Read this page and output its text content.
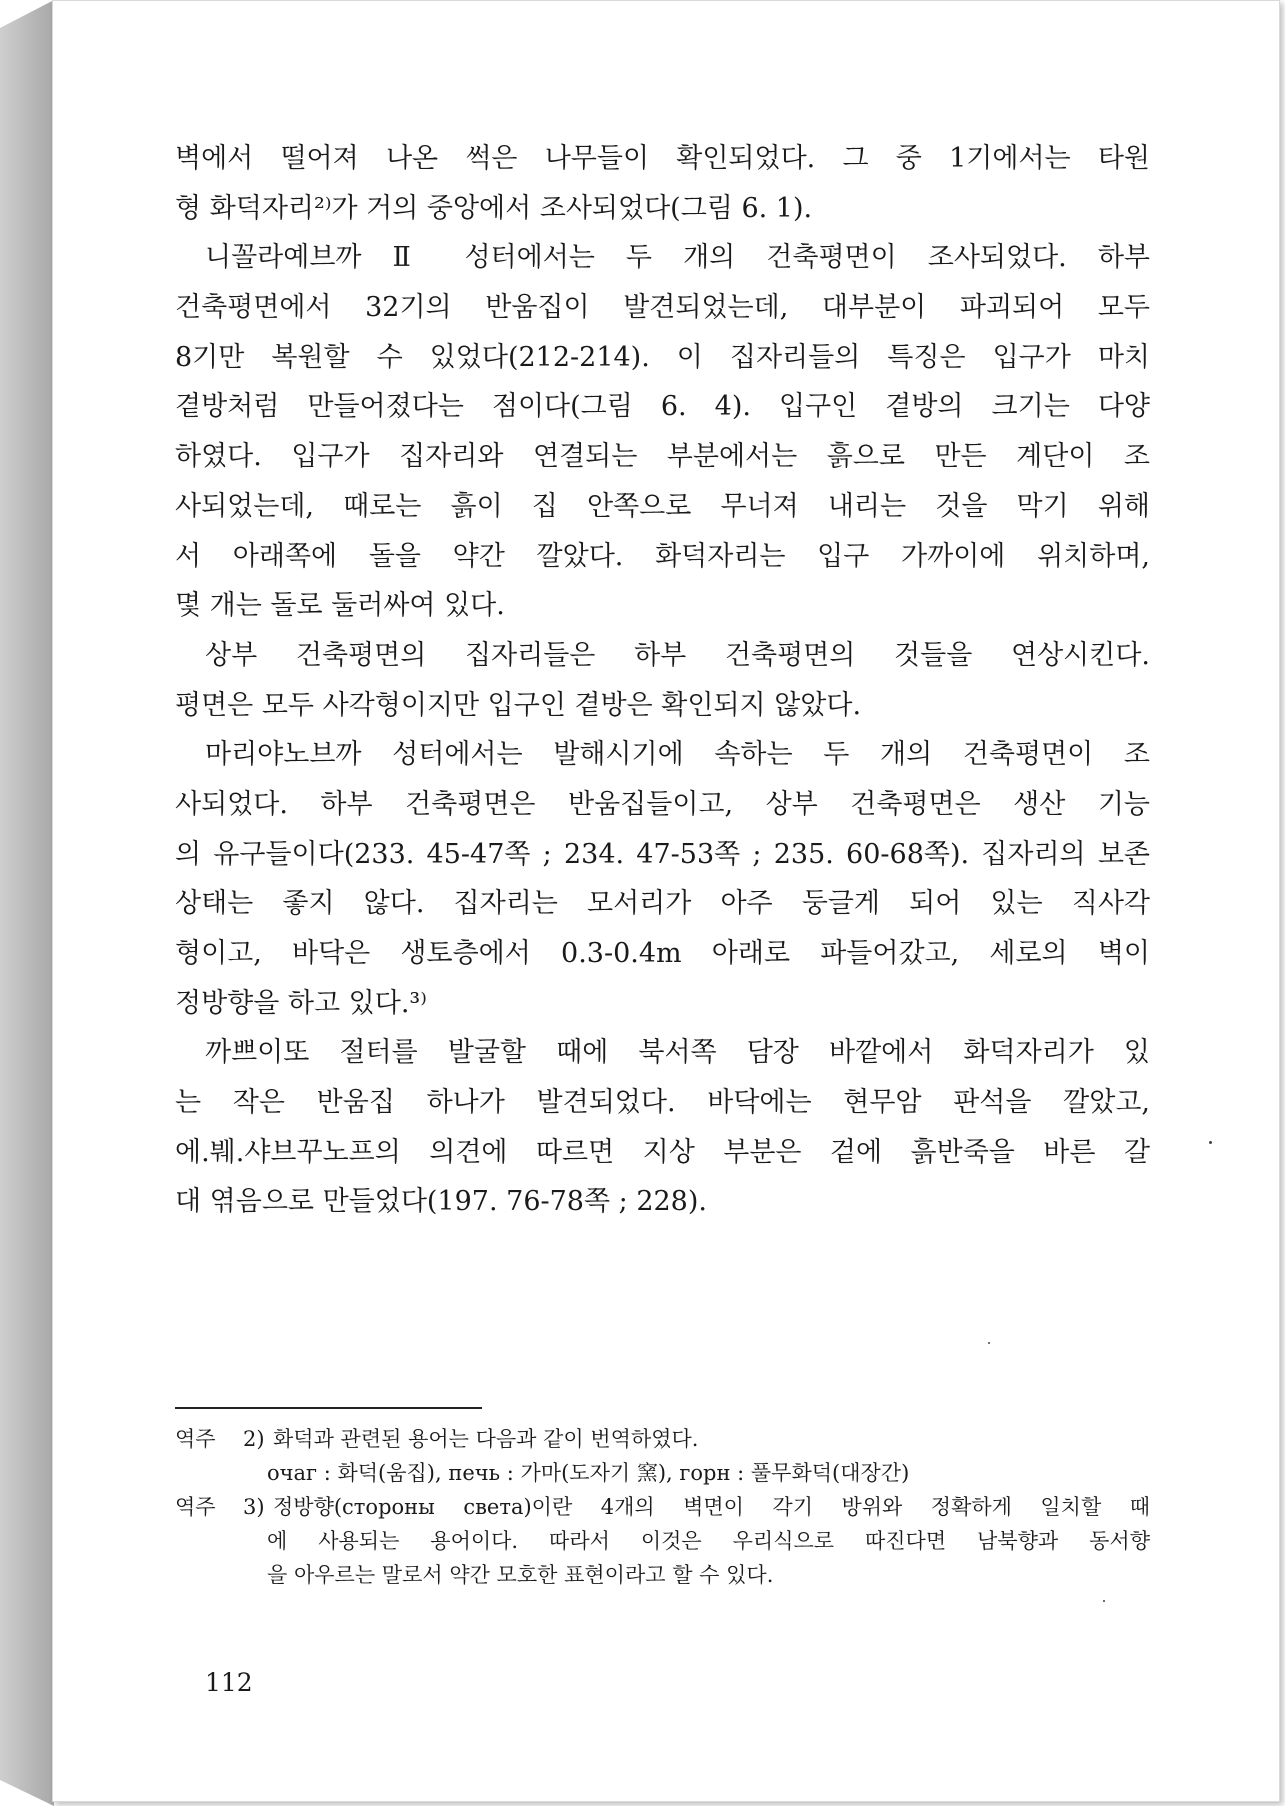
벽에서 떨어져 나온 썩은 나무들이 확인되었다. 그 중 1기에서는 타원
형 화덕자리²⁾가 거의 중앙에서 조사되었다(그림 6. 1).
니꼴라예브까 Ⅱ 성터에서는 두 개의 건축평면이 조사되었다. 하부
건축평면에서 32기의 반움집이 발견되었는데, 대부분이 파괴되어 모두
8기만 복원할 수 있었다(212-214). 이 집자리들의 특징은 입구가 마치
곁방처럼 만들어졌다는 점이다(그림 6. 4). 입구인 곁방의 크기는 다양
하였다. 입구가 집자리와 연결되는 부분에서는 흙으로 만든 계단이 조
사되었는데, 때로는 흙이 집 안쪽으로 무너져 내리는 것을 막기 위해
서 아래쪽에 돌을 약간 깔았다. 화덕자리는 입구 가까이에 위치하며,
몇 개는 돌로 둘러싸여 있다.
상부 건축평면의 집자리들은 하부 건축평면의 것들을 연상시킨다.
평면은 모두 사각형이지만 입구인 곁방은 확인되지 않았다.
마리야노브까 성터에서는 발해시기에 속하는 두 개의 건축평면이 조
사되었다. 하부 건축평면은 반움집들이고, 상부 건축평면은 생산 기능
의 유구들이다(233. 45-47쪽 ; 234. 47-53쪽 ; 235. 60-68쪽). 집자리의 보존
상태는 좋지 않다. 집자리는 모서리가 아주 둥글게 되어 있는 직사각
형이고, 바닥은 생토층에서 0.3-0.4m 아래로 파들어갔고, 세로의 벽이
정방향을 하고 있다.³⁾
까쁘이또 절터를 발굴할 때에 북서쪽 담장 바깥에서 화덕자리가 있
는 작은 반움집 하나가 발견되었다. 바닥에는 현무암 판석을 깔았고,
에.붸.샤브꾸노프의 의견에 따르면 지상 부분은 겉에 흙반죽을 바른 갈
대 엮음으로 만들었다(197. 76-78쪽 ; 228).
역주 2) 화덕과 관련된 용어는 다음과 같이 번역하였다.
очаг : 화덕(움집), печь : 가마(도자기 窯), горн : 풀무화덕(대장간)
역주 3) 정방향(стороны света)이란 4개의 벽면이 각기 방위와 정확하게 일치할 때
에 사용되는 용어이다. 따라서 이것은 우리식으로 따진다면 남북향과 동서향
을 아우르는 말로서 약간 모호한 표현이라고 할 수 있다.
112
